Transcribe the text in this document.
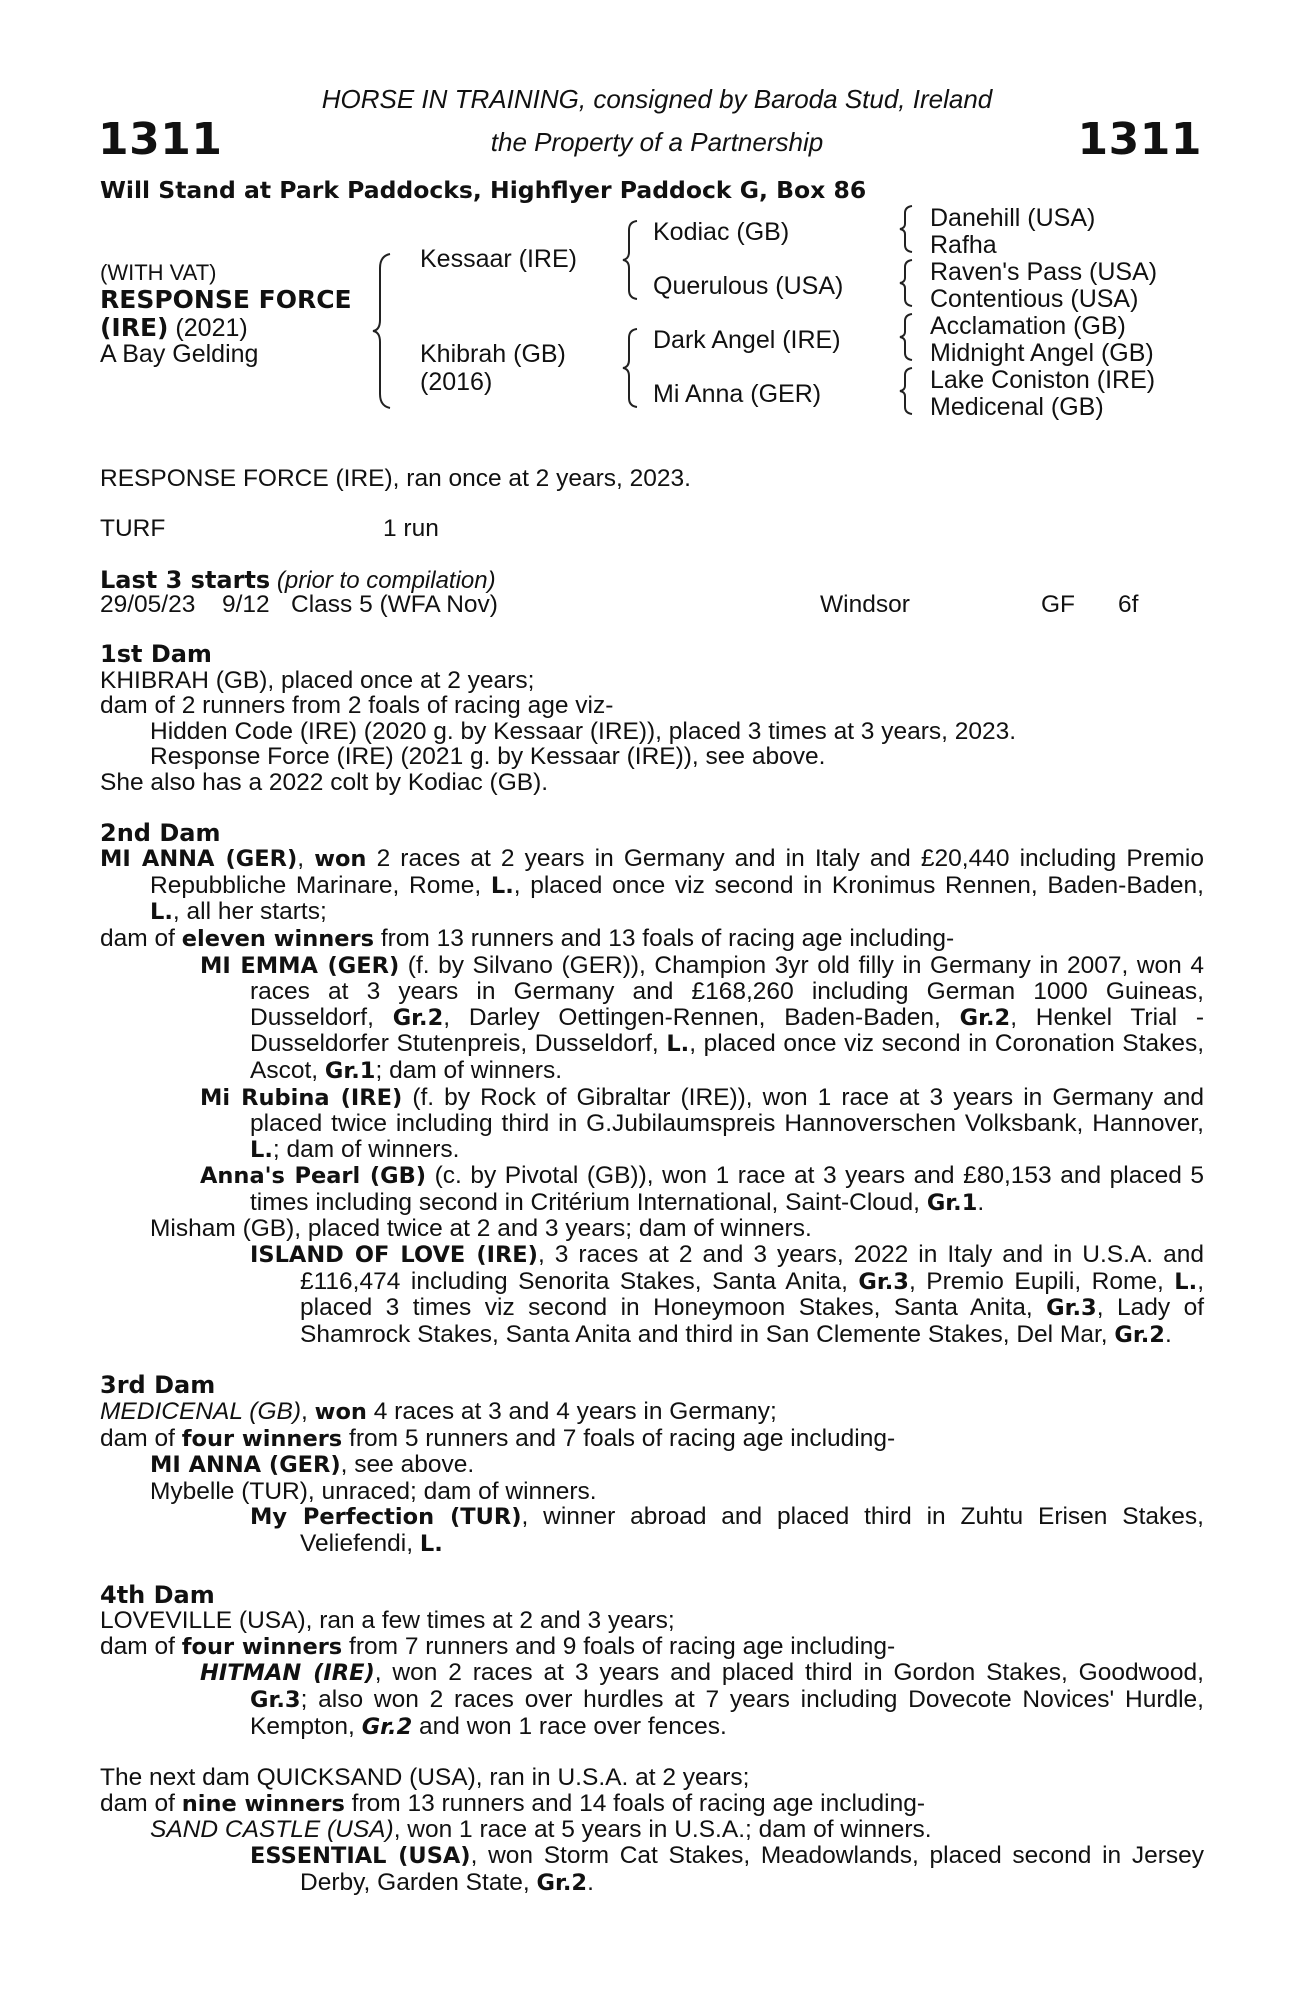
HORSE IN TRAINING, consigned by Baroda Stud, Ireland
the Property of a Partnership
1311	1311
Will Stand at Park Paddocks, Highflyer Paddock G, Box 86
(WITH VAT)
RESPONSE FORCE
(IRE) (2021)
A Bay Gelding
Kessaar (IRE)
Khibrah (GB)
(2016)
Kodiac (GB)
Querulous (USA)
Dark Angel (IRE)
Mi Anna (GER)
Danehill (USA)
Rafha
Raven's Pass (USA)
Contentious (USA)
Acclamation (GB)
Midnight Angel (GB)
Lake Coniston (IRE)
Medicenal (GB)
RESPONSE FORCE (IRE), ran once at 2 years, 2023.
TURF	1 run
Last 3 starts (prior to compilation)
29/05/23 9/12 Class 5 (WFA Nov)	Windsor	GF 6f

1st Dam

KHIBRAH (GB), placed once at 2 years;

dam of 2 runners from 2 foals of racing age viz-

Hidden Code (IRE) (2020 g. by Kessaar (IRE)), placed 3 times at 3 years, 2023.

Response Force (IRE) (2021 g. by Kessaar (IRE)), see above.

She also has a 2022 colt by Kodiac (GB).

2nd Dam

MI ANNA (GER), won 2 races at 2 years in Germany and in Italy and £20,440 including Premio Repubbliche Marinare, Rome, L., placed once viz second in Kronimus Rennen, Baden-Baden, L., all her starts;

dam of eleven winners from 13 runners and 13 foals of racing age including-

MI EMMA (GER) (f. by Silvano (GER)), Champion 3yr old filly in Germany in 2007, won 4 races at 3 years in Germany and £168,260 including German 1000 Guineas, Dusseldorf, Gr.2, Darley Oettingen-Rennen, Baden-Baden, Gr.2, Henkel Trial - Dusseldorfer Stutenpreis, Dusseldorf, L., placed once viz second in Coronation Stakes, Ascot, Gr.1; dam of winners.

Mi Rubina (IRE) (f. by Rock of Gibraltar (IRE)), won 1 race at 3 years in Germany and placed twice including third in G.Jubilaumspreis Hannoverschen Volksbank, Hannover, L.; dam of winners.

Anna's Pearl (GB) (c. by Pivotal (GB)), won 1 race at 3 years and £80,153 and placed 5 times including second in Critérium International, Saint-Cloud, Gr.1.

Misham (GB), placed twice at 2 and 3 years; dam of winners.

ISLAND OF LOVE (IRE), 3 races at 2 and 3 years, 2022 in Italy and in U.S.A. and £116,474 including Senorita Stakes, Santa Anita, Gr.3, Premio Eupili, Rome, L., placed 3 times viz second in Honeymoon Stakes, Santa Anita, Gr.3, Lady of Shamrock Stakes, Santa Anita and third in San Clemente Stakes, Del Mar, Gr.2.

3rd Dam

MEDICENAL (GB), won 4 races at 3 and 4 years in Germany;

dam of four winners from 5 runners and 7 foals of racing age including-

MI ANNA (GER), see above.

Mybelle (TUR), unraced; dam of winners.

My Perfection (TUR), winner abroad and placed third in Zuhtu Erisen Stakes, Veliefendi, L.

4th Dam

LOVEVILLE (USA), ran a few times at 2 and 3 years;

dam of four winners from 7 runners and 9 foals of racing age including-

HITMAN (IRE), won 2 races at 3 years and placed third in Gordon Stakes, Goodwood, Gr.3; also won 2 races over hurdles at 7 years including Dovecote Novices' Hurdle, Kempton, Gr.2 and won 1 race over fences.

The next dam QUICKSAND (USA), ran in U.S.A. at 2 years;

dam of nine winners from 13 runners and 14 foals of racing age including-

SAND CASTLE (USA), won 1 race at 5 years in U.S.A.; dam of winners.

ESSENTIAL (USA), won Storm Cat Stakes, Meadowlands, placed second in Jersey Derby, Garden State, Gr.2.
